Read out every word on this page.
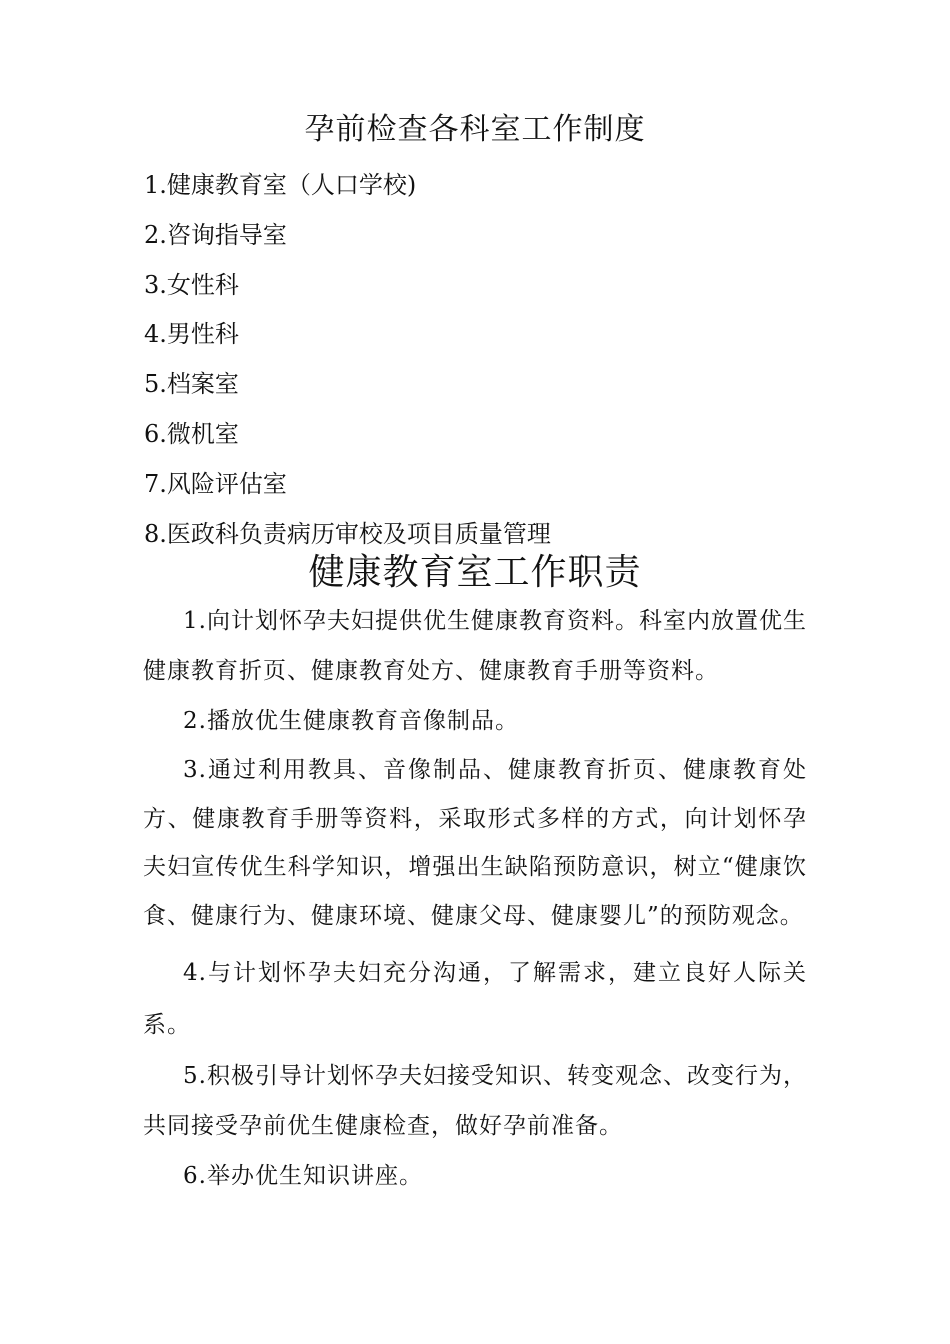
孕前检查各科室工作制度
1.健康教育室（人口学校)
2.咨询指导室
3.女性科
4.男性科
5.档案室
6.微机室
7.风险评估室
8.医政科负责病历审校及项目质量管理
健康教育室工作职责

1.向计划怀孕夫妇提供优生健康教育资料。科室内放置优生健康教育折页、健康教育处方、健康教育手册等资料。

2.播放优生健康教育音像制品。

3.通过利用教具、音像制品、健康教育折页、健康教育处方、健康教育手册等资料，采取形式多样的方式，向计划怀孕夫妇宣传优生科学知识，增强出生缺陷预防意识，树立“健康饮食、健康行为、健康环境、健康父母、健康婴儿”的预防观念。

4.与计划怀孕夫妇充分沟通，了解需求，建立良好人际关系。

5.积极引导计划怀孕夫妇接受知识、转变观念、改变行为，共同接受孕前优生健康检查，做好孕前准备。

6.举办优生知识讲座。
